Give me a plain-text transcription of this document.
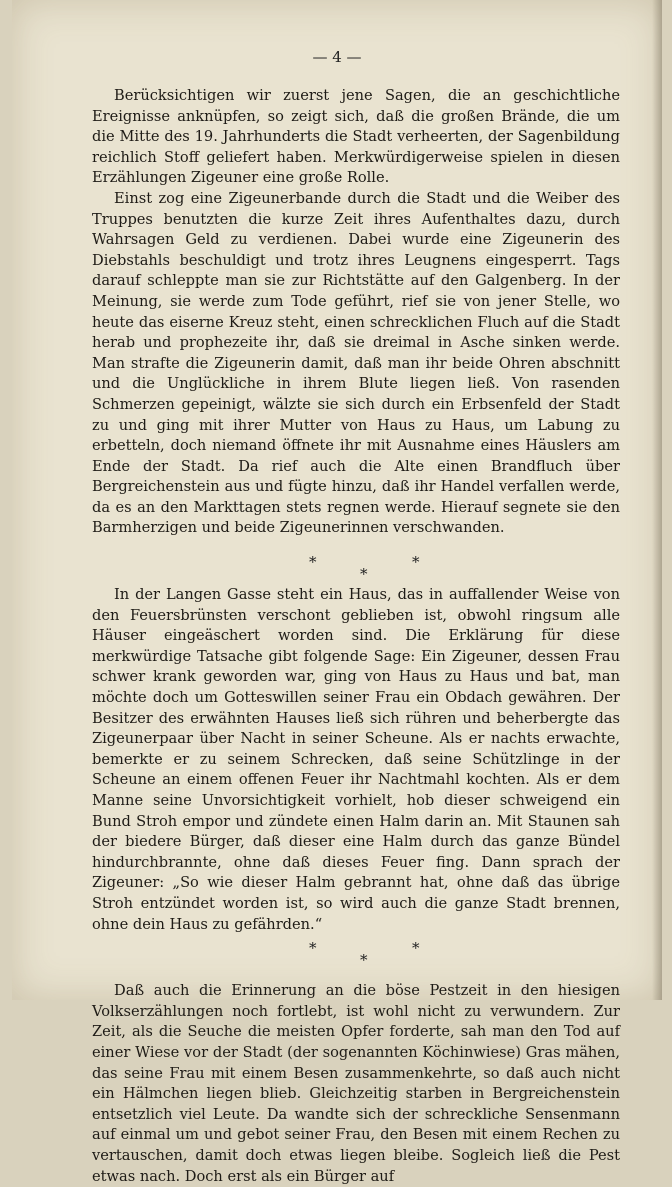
— 4 —

Berücksichtigen wir zuerst jene Sagen, die an geschichtliche Ereignisse anknüpfen, so zeigt sich, daß die großen Brände, die um die Mitte des 19. Jahrhunderts die Stadt verheerten, der Sagenbildung reichlich Stoff geliefert haben. Merkwürdigerweise spielen in diesen Erzählungen Zigeuner eine große Rolle.

Einst zog eine Zigeunerbande durch die Stadt und die Weiber des Truppes benutzten die kurze Zeit ihres Aufenthaltes dazu, durch Wahrsagen Geld zu verdienen. Dabei wurde eine Zigeunerin des Diebstahls beschuldigt und trotz ihres Leugnens eingesperrt. Tags darauf schleppte man sie zur Richtstätte auf den Galgenberg. In der Meinung, sie werde zum Tode geführt, rief sie von jener Stelle, wo heute das eiserne Kreuz steht, einen schrecklichen Fluch auf die Stadt herab und prophezeite ihr, daß sie dreimal in Asche sinken werde. Man strafte die Zigeunerin damit, daß man ihr beide Ohren abschnitt und die Unglückliche in ihrem Blute liegen ließ. Von rasenden Schmerzen gepeinigt, wälzte sie sich durch ein Erbsenfeld der Stadt zu und ging mit ihrer Mutter von Haus zu Haus, um Labung zu erbetteln, doch niemand öffnete ihr mit Ausnahme eines Häuslers am Ende der Stadt. Da rief auch die Alte einen Brandfluch über Bergreichenstein aus und fügte hinzu, daß ihr Handel verfallen werde, da es an den Markttagen stets regnen werde. Hierauf segnete sie den Barmherzigen und beide Zigeunerinnen verschwanden.

*	*
*

In der Langen Gasse steht ein Haus, das in auffallender Weise von den Feuersbrünsten verschont geblieben ist, obwohl ringsum alle Häuser eingeäschert worden sind. Die Erklärung für diese merkwürdige Tatsache gibt folgende Sage: Ein Zigeuner, dessen Frau schwer krank geworden war, ging von Haus zu Haus und bat, man möchte doch um Gotteswillen seiner Frau ein Obdach gewähren. Der Besitzer des erwähnten Hauses ließ sich rühren und beherbergte das Zigeunerpaar über Nacht in seiner Scheune. Als er nachts erwachte, bemerkte er zu seinem Schrecken, daß seine Schützlinge in der Scheune an einem offenen Feuer ihr Nachtmahl kochten. Als er dem Manne seine Unvorsichtigkeit vorhielt, hob dieser schweigend ein Bund Stroh empor und zündete einen Halm darin an. Mit Staunen sah der biedere Bürger, daß dieser eine Halm durch das ganze Bündel hindurchbrannte, ohne daß dieses Feuer fing. Dann sprach der Zigeuner: „So wie dieser Halm gebrannt hat, ohne daß das übrige Stroh entzündet worden ist, so wird auch die ganze Stadt brennen, ohne dein Haus zu gefährden.“

*	*
*

Daß auch die Erinnerung an die böse Pestzeit in den hiesigen Volkserzählungen noch fortlebt, ist wohl nicht zu verwundern. Zur Zeit, als die Seuche die meisten Opfer forderte, sah man den Tod auf einer Wiese vor der Stadt (der sogenannten Köchinwiese) Gras mähen, das seine Frau mit einem Besen zusammenkehrte, so daß auch nicht ein Hälmchen liegen blieb. Gleichzeitig starben in Bergreichenstein entsetzlich viel Leute. Da wandte sich der schreckliche Sensenmann auf einmal um und gebot seiner Frau, den Besen mit einem Rechen zu vertauschen, damit doch etwas liegen bleibe. Sogleich ließ die Pest etwas nach. Doch erst als ein Bürger auf
